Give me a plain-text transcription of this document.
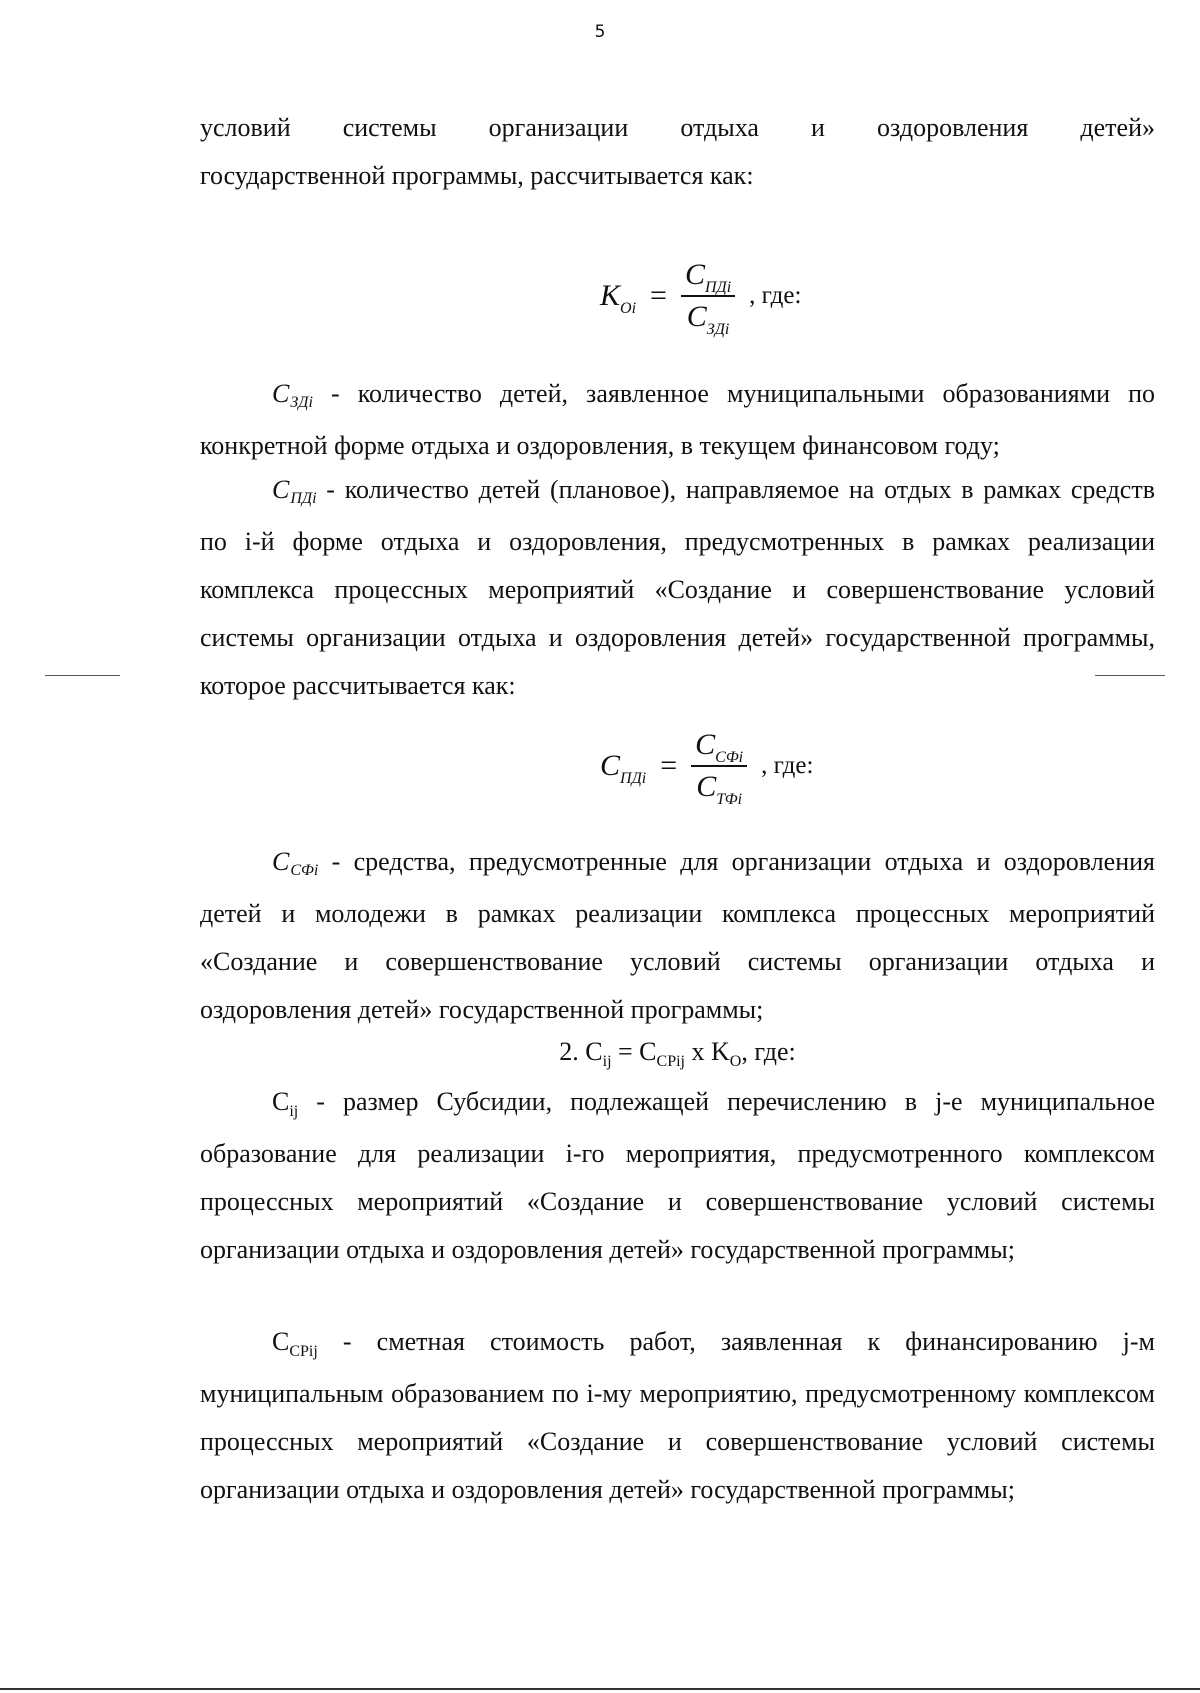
5
условий системы организации отдыха и оздоровления детей»
государственной программы, рассчитывается как:
$K_{Oi} = \frac{C_{ПДi}}{C_{ЗДi}}$ , где:
CЗДi - количество детей, заявленное муниципальными образованиями по конкретной форме отдыха и оздоровления, в текущем финансовом году;
CПДi - количество детей (плановое), направляемое на отдых в рамках средств по i-й форме отдыха и оздоровления, предусмотренных в рамках реализации комплекса процессных мероприятий «Создание и совершенствование условий системы организации отдыха и оздоровления детей» государственной программы, которое рассчитывается как:
$C_{ПДi} = \frac{C_{СФi}}{C_{ТФi}}$ , где:
CСФi - средства, предусмотренные для организации отдыха и оздоровления детей и молодежи в рамках реализации комплекса процессных мероприятий «Создание и совершенствование условий системы организации отдыха и оздоровления детей» государственной программы;
2. $C_{ij} = C_{CPij}$ x $K_O$, где:
$C_{ij}$ - размер Субсидии, подлежащей перечислению в j-е муниципальное образование для реализации i-го мероприятия, предусмотренного комплексом процессных мероприятий «Создание и совершенствование условий системы организации отдыха и оздоровления детей» государственной программы;
$C_{CPij}$ - сметная стоимость работ, заявленная к финансированию j-м муниципальным образованием по i-му мероприятию, предусмотренному комплексом процессных мероприятий «Создание и совершенствование условий системы организации отдыха и оздоровления детей» государственной программы;
